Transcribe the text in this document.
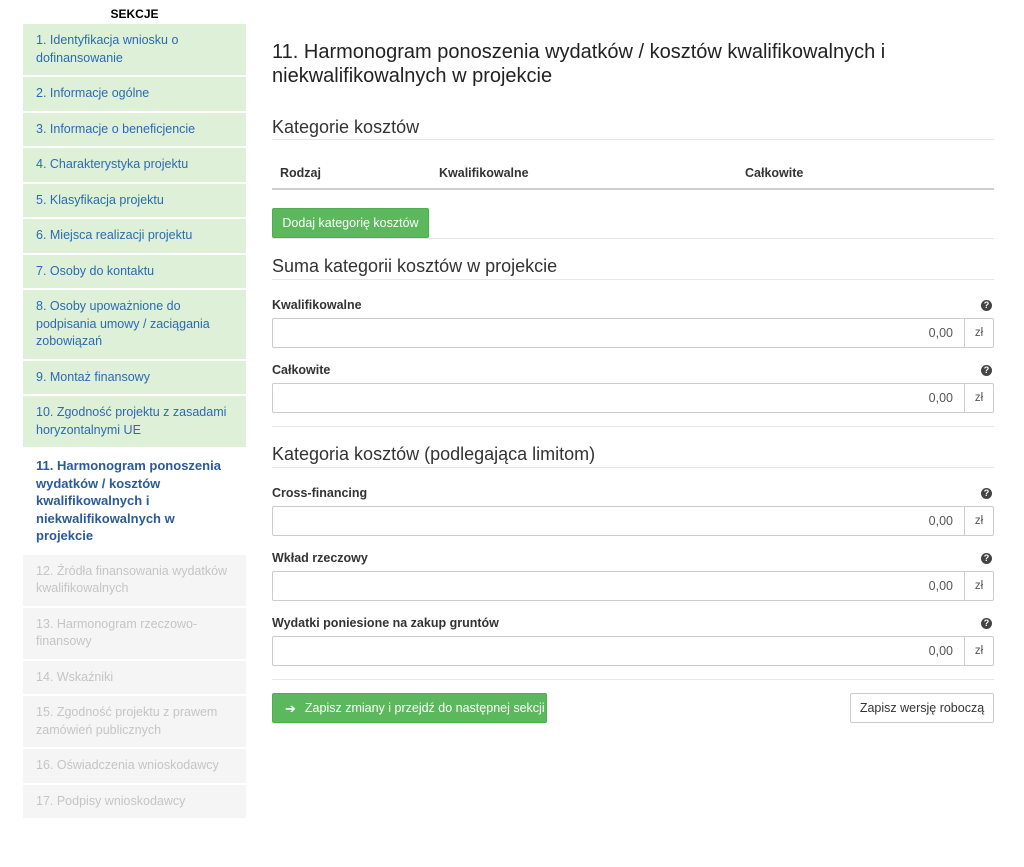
SEKCJE
1. Identyfikacja wniosku o dofinansowanie
2. Informacje ogólne
3. Informacje o beneficjencie
4. Charakterystyka projektu
5. Klasyfikacja projektu
6. Miejsca realizacji projektu
7. Osoby do kontaktu
8. Osoby upoważnione do podpisania umowy / zaciągania zobowiązań
9. Montaż finansowy
10. Zgodność projektu z zasadami horyzontalnymi UE
11. Harmonogram ponoszenia wydatków / kosztów kwalifikowalnych i niekwalifikowalnych w projekcie
12. Źródła finansowania wydatków kwalifikowalnych
13. Harmonogram rzeczowo-finansowy
14. Wskaźniki
15. Zgodność projektu z prawem zamówień publicznych
16. Oświadczenia wnioskodawcy
17. Podpisy wnioskodawcy
11. Harmonogram ponoszenia wydatków / kosztów kwalifikowalnych i niekwalifikowalnych w projekcie
Kategorie kosztów
Rodzaj	Kwalifikowalne	Całkowite
Dodaj kategorię kosztów
Suma kategorii kosztów w projekcie
Kwalifikowalne	?
0,00
zł
Całkowite	?
0,00
zł
Kategoria kosztów (podlegająca limitom)
Cross-financing	?
0,00
zł
Wkład rzeczowy	?
0,00
zł
Wydatki poniesione na zakup gruntów	?
0,00
zł
➔ Zapisz zmiany i przejdź do następnej sekcji	Zapisz wersję roboczą
